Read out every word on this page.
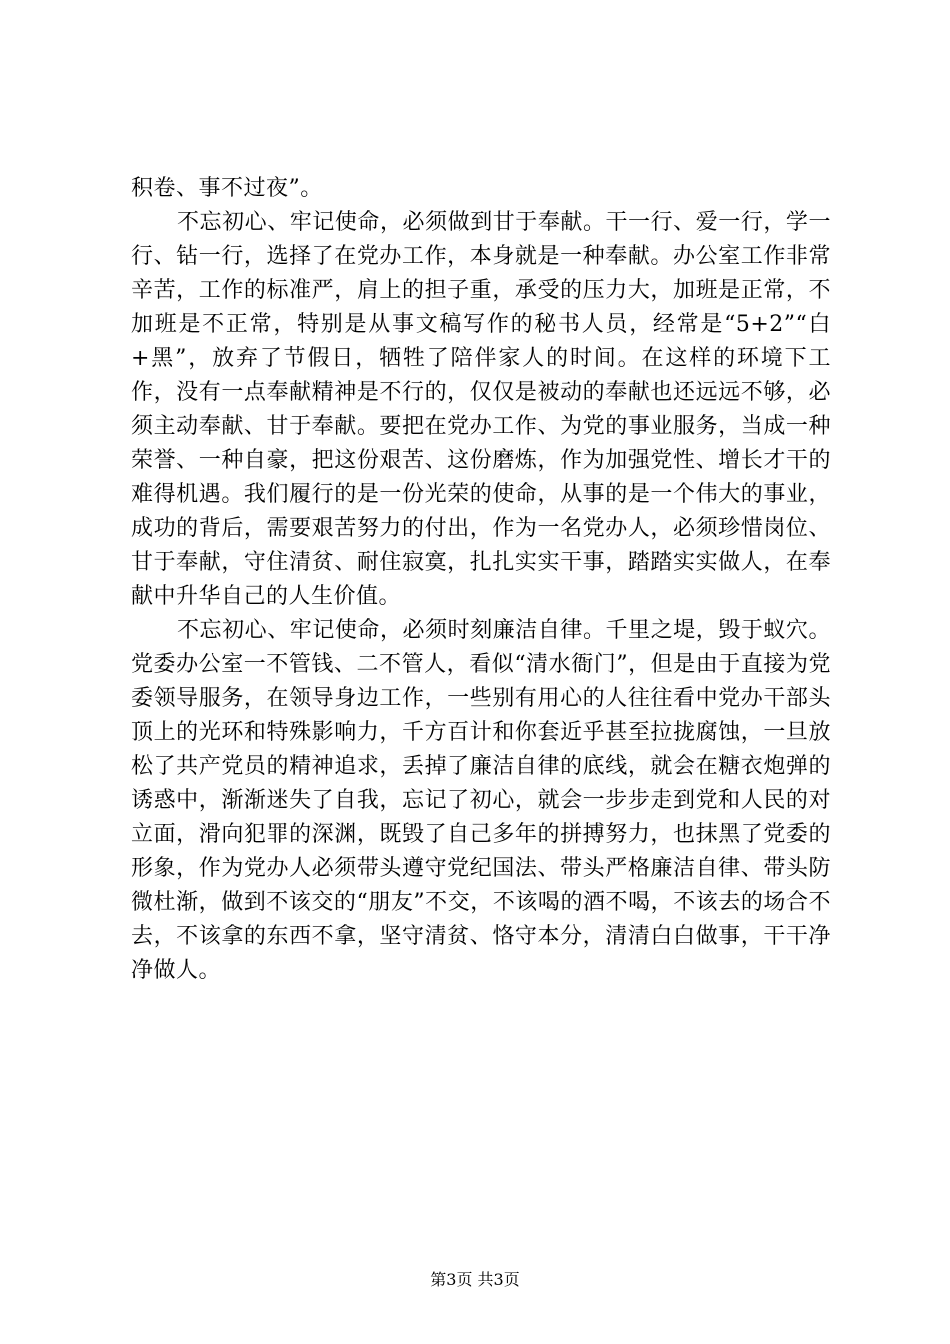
积卷、事不过夜”。

不忘初心、牢记使命，必须做到甘于奉献。干一行、爱一行，学一行、钻一行，选择了在党办工作，本身就是一种奉献。办公室工作非常辛苦，工作的标准严，肩上的担子重，承受的压力大，加班是正常，不加班是不正常，特别是从事文稿写作的秘书人员，经常是“5+2”“白+黑”，放弃了节假日，牺牲了陪伴家人的时间。在这样的环境下工作，没有一点奉献精神是不行的，仅仅是被动的奉献也还远远不够，必须主动奉献、甘于奉献。要把在党办工作、为党的事业服务，当成一种荣誉、一种自豪，把这份艰苦、这份磨炼，作为加强党性、增长才干的难得机遇。我们履行的是一份光荣的使命，从事的是一个伟大的事业，成功的背后，需要艰苦努力的付出，作为一名党办人，必须珍惜岗位、甘于奉献，守住清贫、耐住寂寞，扎扎实实干事，踏踏实实做人，在奉献中升华自己的人生价值。

不忘初心、牢记使命，必须时刻廉洁自律。千里之堤，毁于蚁穴。党委办公室一不管钱、二不管人，看似“清水衙门”，但是由于直接为党委领导服务，在领导身边工作，一些别有用心的人往往看中党办干部头顶上的光环和特殊影响力，千方百计和你套近乎甚至拉拢腐蚀，一旦放松了共产党员的精神追求，丢掉了廉洁自律的底线，就会在糖衣炮弹的诱惑中，渐渐迷失了自我，忘记了初心，就会一步步走到党和人民的对立面，滑向犯罪的深渊，既毁了自己多年的拼搏努力，也抹黑了党委的形象，作为党办人必须带头遵守党纪国法、带头严格廉洁自律、带头防微杜渐，做到不该交的“朋友”不交，不该喝的酒不喝，不该去的场合不去，不该拿的东西不拿，坚守清贫、恪守本分，清清白白做事，干干净净做人。

第3页 共3页
